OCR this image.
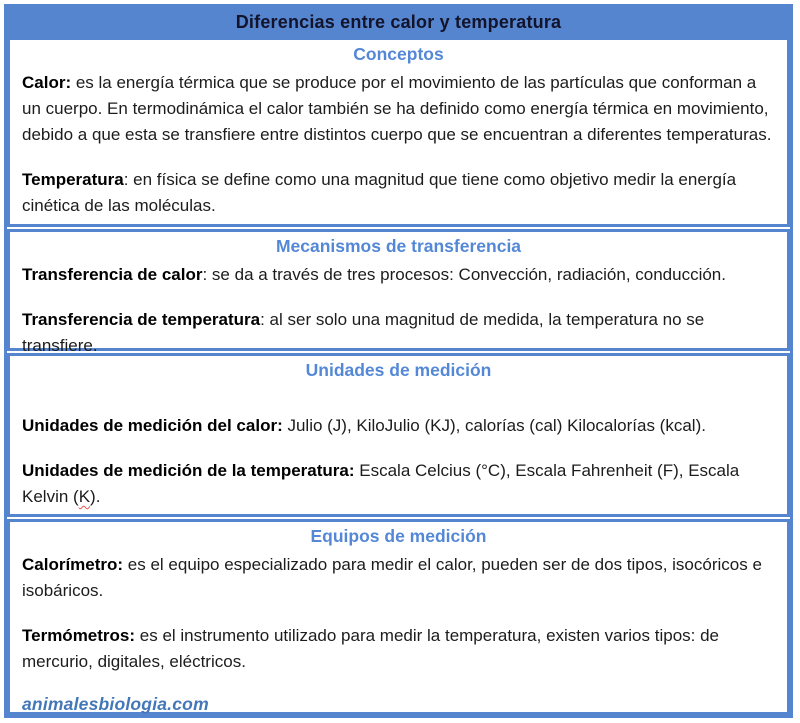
Diferencias entre calor y temperatura
Conceptos

Calor: es la energía térmica que se produce por el movimiento de las partículas que conforman a un cuerpo. En termodinámica el calor también se ha definido como energía térmica en movimiento, debido a que esta se transfiere entre distintos cuerpo que se encuentran a diferentes temperaturas.

Temperatura: en física se define como una magnitud que tiene como objetivo medir la energía cinética de las moléculas.

Mecanismos de transferencia

Transferencia de calor: se da a través de tres procesos: Convección, radiación, conducción.

Transferencia de temperatura: al ser solo una magnitud de medida, la temperatura no se transfiere.

Unidades de medición

Unidades de medición del calor: Julio (J), KiloJulio (KJ), calorías (cal) Kilocalorías (kcal).

Unidades de medición de la temperatura: Escala Celcius (°C), Escala Fahrenheit (F), Escala Kelvin (K).

Equipos de medición

Calorímetro: es el equipo especializado para medir el calor, pueden ser de dos tipos, isocóricos e isobáricos.

Termómetros: es el instrumento utilizado para medir la temperatura, existen varios tipos: de mercurio, digitales, eléctricos.

animalesbiologia.com
